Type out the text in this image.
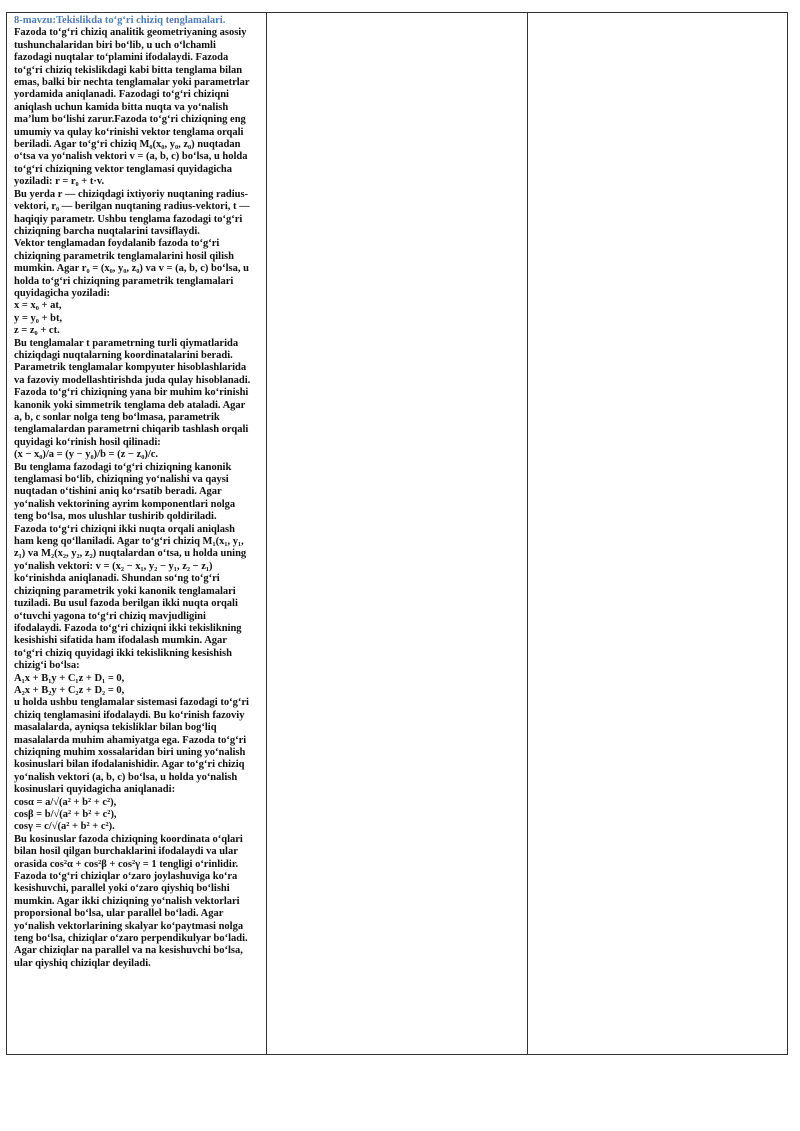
8-mavzu:Tekislikda to‘g‘ri chiziq tenglamalari.
Fazoda to‘g‘ri chiziq analitik geometriyaning asosiy
tushunchalaridan biri bo‘lib, u uch o‘lchamli
fazodagi nuqtalar to‘plamini ifodalaydi. Fazoda
to‘g‘ri chiziq tekislikdagi kabi bitta tenglama bilan
emas, balki bir nechta tenglamalar yoki parametrlar
yordamida aniqlanadi. Fazodagi to‘g‘ri chiziqni
aniqlash uchun kamida bitta nuqta va yo‘nalish
ma’lum bo‘lishi zarur.Fazoda to‘g‘ri chiziqning eng
umumiy va qulay ko‘rinishi vektor tenglama orqali
beriladi. Agar to‘g‘ri chiziq M₀(x₀, y₀, z₀) nuqtadan
o‘tsa va yo‘nalish vektori v = (a, b, c) bo‘lsa, u holda
to‘g‘ri chiziqning vektor tenglamasi quyidagicha
yoziladi: r = r₀ + t·v.
Bu yerda r — chiziqdagi ixtiyoriy nuqtaning radius-
vektori, r₀ — berilgan nuqtaning radius-vektori, t —
haqiqiy parametr. Ushbu tenglama fazodagi to‘g‘ri
chiziqning barcha nuqtalarini tavsiflaydi.
Vektor tenglamadan foydalanib fazoda to‘g‘ri
chiziqning parametrik tenglamalarini hosil qilish
mumkin. Agar r₀ = (x₀, y₀, z₀) va v = (a, b, c) bo‘lsa, u
holda to‘g‘ri chiziqning parametrik tenglamalari
quyidagicha yoziladi:
x = x₀ + at,
y = y₀ + bt,
z = z₀ + ct.
Bu tenglamalar t parametrning turli qiymatlarida
chiziqdagi nuqtalarning koordinatalarini beradi.
Parametrik tenglamalar kompyuter hisoblashlarida
va fazoviy modellashtirishda juda qulay hisoblanadi.
Fazoda to‘g‘ri chiziqning yana bir muhim ko‘rinishi
kanonik yoki simmetrik tenglama deb ataladi. Agar
a, b, c sonlar nolga teng bo‘lmasa, parametrik
tenglamalardan parametrni chiqarib tashlash orqali
quyidagi ko‘rinish hosil qilinadi:
(x − x₀)/a = (y − y₀)/b = (z − z₀)/c.
Bu tenglama fazodagi to‘g‘ri chiziqning kanonik
tenglamasi bo‘lib, chiziqning yo‘nalishi va qaysi
nuqtadan o‘tishini aniq ko‘rsatib beradi. Agar
yo‘nalish vektorining ayrim komponentlari nolga
teng bo‘lsa, mos ulushlar tushirib qoldiriladi.
Fazoda to‘g‘ri chiziqni ikki nuqta orqali aniqlash
ham keng qo‘llaniladi. Agar to‘g‘ri chiziq M₁(x₁, y₁,
z₁) va M₂(x₂, y₂, z₂) nuqtalardan o‘tsa, u holda uning
yo‘nalish vektori: v = (x₂ − x₁, y₂ − y₁, z₂ − z₁)
ko‘rinishda aniqlanadi. Shundan so‘ng to‘g‘ri
chiziqning parametrik yoki kanonik tenglamalari
tuziladi. Bu usul fazoda berilgan ikki nuqta orqali
o‘tuvchi yagona to‘g‘ri chiziq mavjudligini
ifodalaydi. Fazoda to‘g‘ri chiziqni ikki tekislikning
kesishishi sifatida ham ifodalash mumkin. Agar
to‘g‘ri chiziq quyidagi ikki tekislikning kesishish
chizig‘i bo‘lsa:
A₁x + B₁y + C₁z + D₁ = 0,
A₂x + B₂y + C₂z + D₂ = 0,
u holda ushbu tenglamalar sistemasi fazodagi to‘g‘ri
chiziq tenglamasini ifodalaydi. Bu ko‘rinish fazoviy
masalalarda, ayniqsa tekisliklar bilan bog‘liq
masalalarda muhim ahamiyatga ega. Fazoda to‘g‘ri
chiziqning muhim xossalaridan biri uning yo‘nalish
kosinuslari bilan ifodalanishidir. Agar to‘g‘ri chiziq
yo‘nalish vektori (a, b, c) bo‘lsa, u holda yo‘nalish
kosinuslari quyidagicha aniqlanadi:
cosα = a/√(a² + b² + c²),
cosβ = b/√(a² + b² + c²),
cosγ = c/√(a² + b² + c²).
Bu kosinuslar fazoda chiziqning koordinata o‘qlari
bilan hosil qilgan burchaklarini ifodalaydi va ular
orasida cos²α + cos²β + cos²γ = 1 tengligi o‘rinlidir.
Fazoda to‘g‘ri chiziqlar o‘zaro joylashuviga ko‘ra
kesishuvchi, parallel yoki o‘zaro qiyshiq bo‘lishi
mumkin. Agar ikki chiziqning yo‘nalish vektorlari
proporsional bo‘lsa, ular parallel bo‘ladi. Agar
yo‘nalish vektorlarining skalyar ko‘paytmasi nolga
teng bo‘lsa, chiziqlar o‘zaro perpendikulyar bo‘ladi.
Agar chiziqlar na parallel va na kesishuvchi bo‘lsa,
ular qiyshiq chiziqlar deyiladi.
